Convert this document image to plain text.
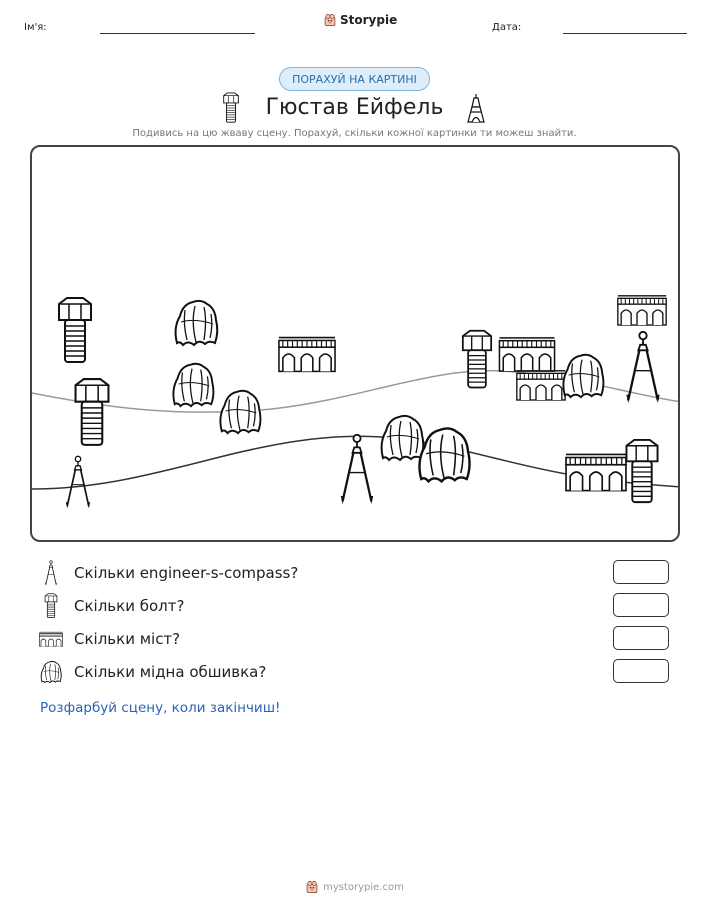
Ім'я:
Storypie
Дата:
ПОРАХУЙ НА КАРТИНІ
Гюстав Ейфель
Подивись на цю жваву сцену. Порахуй, скільки кожної картинки ти можеш знайти.
Скільки engineer-s-compass?
Скільки болт?
Скільки міст?
Скільки мідна обшивка?
Розфарбуй сцену, коли закінчиш!
mystorypie.com
